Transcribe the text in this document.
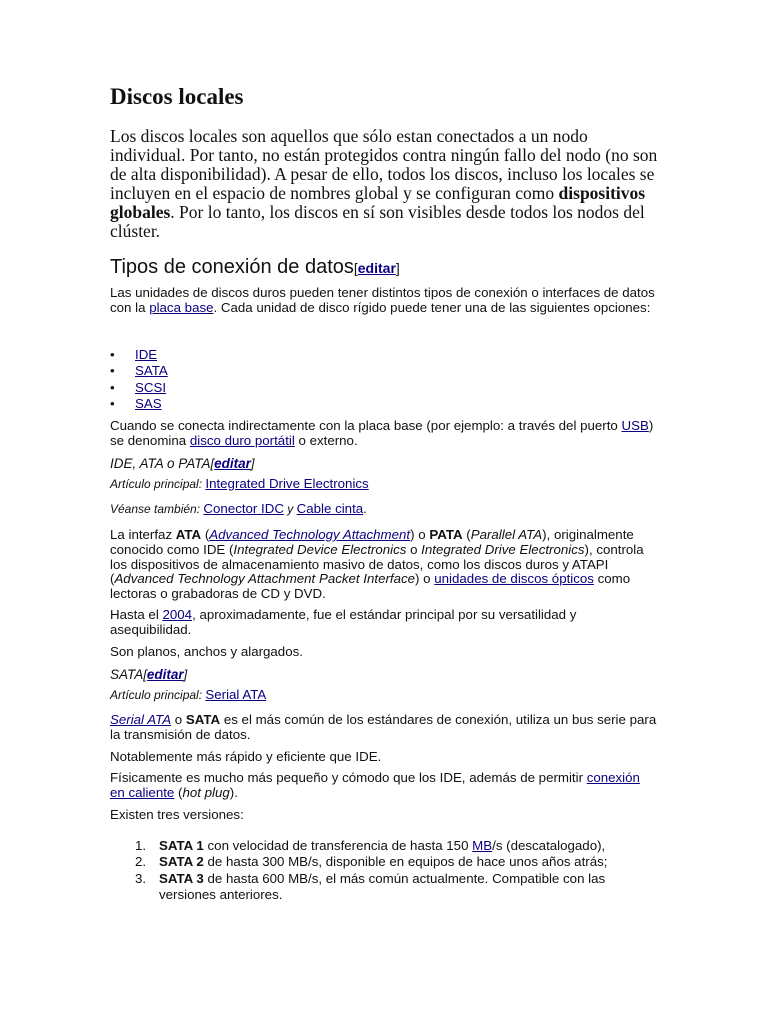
Discos locales

Los discos locales son aquellos que sólo estan conectados a un nodo individual. Por tanto, no están protegidos contra ningún fallo del nodo (no son de alta disponibilidad). A pesar de ello, todos los discos, incluso los locales se incluyen en el espacio de nombres global y se configuran como dispositivos globales. Por lo tanto, los discos en sí son visibles desde todos los nodos del clúster.

Tipos de conexión de datos[editar]

Las unidades de discos duros pueden tener distintos tipos de conexión o interfaces de datos con la placa base. Cada unidad de disco rígido puede tener una de las siguientes opciones:

• IDE
• SATA
• SCSI
• SAS

Cuando se conecta indirectamente con la placa base (por ejemplo: a través del puerto USB) se denomina disco duro portátil o externo.

IDE, ATA o PATA[editar]

Artículo principal: Integrated Drive Electronics

Véanse también: Conector IDC y Cable cinta.

La interfaz ATA (Advanced Technology Attachment) o PATA (Parallel ATA), originalmente conocido como IDE (Integrated Device Electronics o Integrated Drive Electronics), controla los dispositivos de almacenamiento masivo de datos, como los discos duros y ATAPI (Advanced Technology Attachment Packet Interface) o unidades de discos ópticos como lectoras o grabadoras de CD y DVD.

Hasta el 2004, aproximadamente, fue el estándar principal por su versatilidad y asequibilidad.

Son planos, anchos y alargados.

SATA[editar]

Artículo principal: Serial ATA

Serial ATA o SATA es el más común de los estándares de conexión, utiliza un bus serie para la transmisión de datos.

Notablemente más rápido y eficiente que IDE.

Físicamente es mucho más pequeño y cómodo que los IDE, además de permitir conexión en caliente (hot plug).

Existen tres versiones:

1. SATA 1 con velocidad de transferencia de hasta 150 MB/s (descatalogado),
2. SATA 2 de hasta 300 MB/s, disponible en equipos de hace unos años atrás;
3. SATA 3 de hasta 600 MB/s, el más común actualmente. Compatible con las versiones anteriores.
